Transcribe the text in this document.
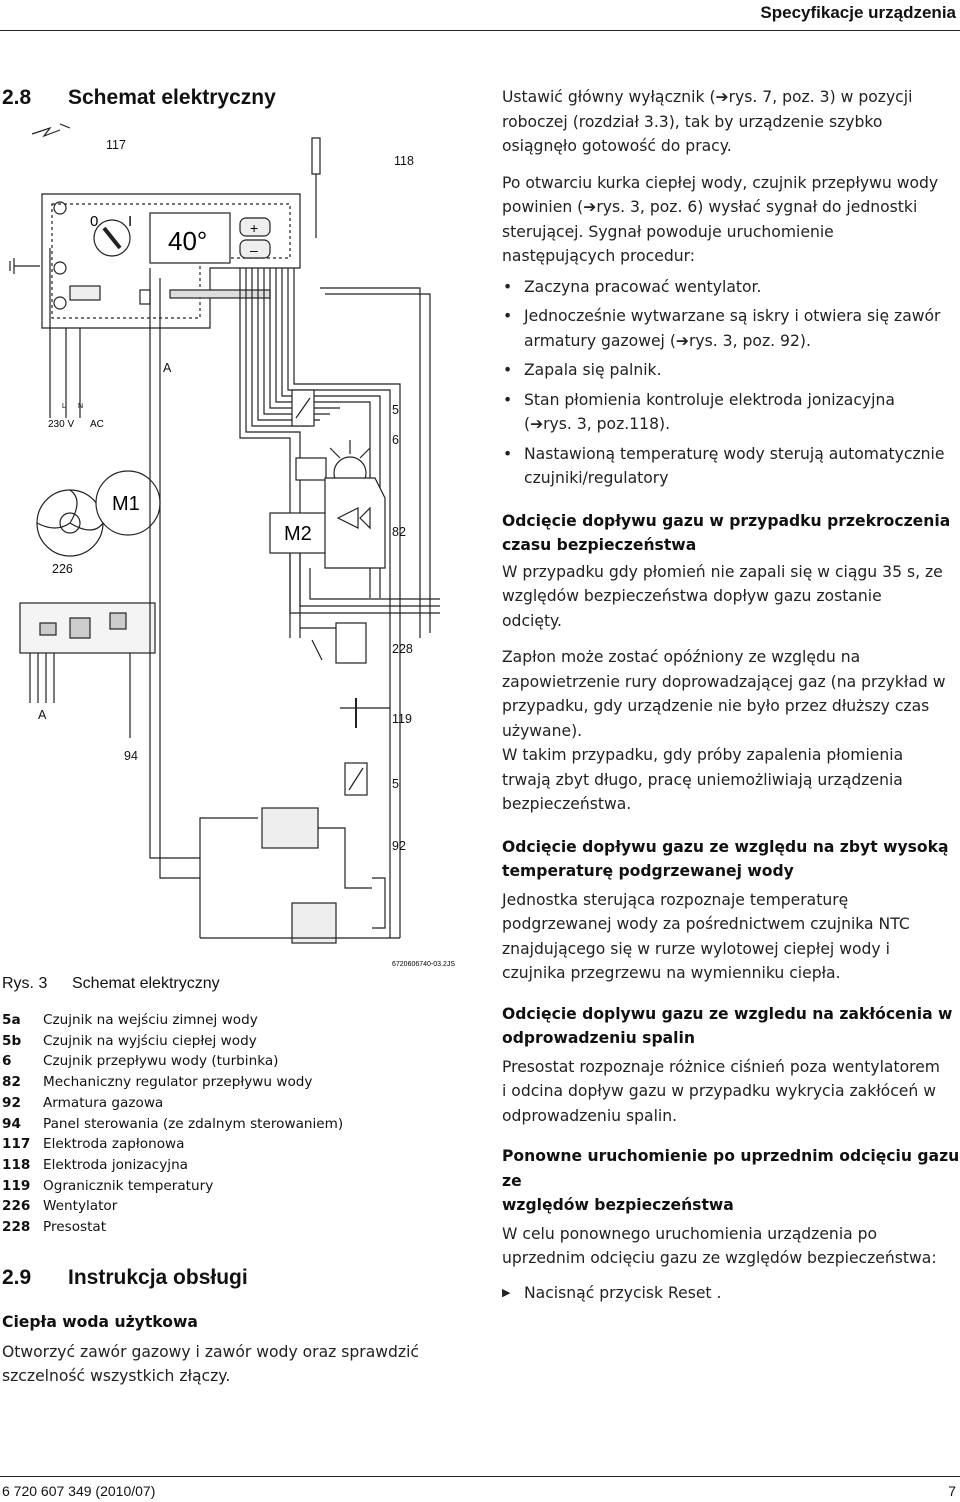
Specyfikacje urządzenia
2.8 Schemat elektryczny
117
118
5
6
82
226
228
119
5
92
94
A
A
M1
M2
40°
0 I	+
–
230 V AC
L N
6720606740-03.2JS
Rys. 3 Schemat elektryczny
5a	Czujnik na wejściu zimnej wody
5b	Czujnik na wyjściu ciepłej wody
6	Czujnik przepływu wody (turbinka)
82	Mechaniczny regulator przepływu wody
92	Armatura gazowa
94	Panel sterowania (ze zdalnym sterowaniem)
117 Elektroda zapłonowa
118 Elektroda jonizacyjna
119 Ogranicznik temperatury
226 Wentylator
228 Presostat
2.9 Instrukcja obsługi
Ciepła woda użytkowa
Otworzyć zawór gazowy i zawór wody oraz sprawdzić
szczelność wszystkich złączy.
Ustawić główny wyłącznik (➔rys. 7, poz. 3) w pozycji
roboczej (rozdział 3.3), tak by urządzenie szybko
osiągnęło gotowość do pracy.
Po otwarciu kurka ciepłej wody, czujnik przepływu wody
powinien (➔rys. 3, poz. 6) wysłać sygnał do jednostki
sterującej. Sygnał powoduje uruchomienie
następujących procedur:
• Zaczyna pracować wentylator.
• Jednocześnie wytwarzane są iskry i otwiera się zawór
armatury gazowej (➔rys. 3, poz. 92).
• Zapala się palnik.
• Stan płomienia kontroluje elektroda jonizacyjna
(➔rys. 3, poz.118).
• Nastawioną temperaturę wody sterują automatycznie
czujniki/regulatory
Odcięcie dopływu gazu w przypadku przekroczenia
czasu bezpieczeństwa
W przypadku gdy płomień nie zapali się w ciągu 35 s, ze
względów bezpieczeństwa dopływ gazu zostanie
odcięty.
Zapłon może zostać opóźniony ze względu na
zapowietrzenie rury doprowadzającej gaz (na przykład w
przypadku, gdy urządzenie nie było przez dłuższy czas
używane).
W takim przypadku, gdy próby zapalenia płomienia
trwają zbyt długo, pracę uniemożliwiają urządzenia
bezpieczeństwa.
Odcięcie dopływu gazu ze względu na zbyt wysoką
temperaturę podgrzewanej wody
Jednostka sterująca rozpoznaje temperaturę
podgrzewanej wody za pośrednictwem czujnika NTC
znajdującego się w rurze wylotowej ciepłej wody i
czujnika przegrzewu na wymienniku ciepła.
Odcięcie doplywu gazu ze wzgledu na zakłócenia w
odprowadzeniu spalin
Presostat rozpoznaje różnice ciśnień poza wentylatorem
i odcina dopływ gazu w przypadku wykrycia zakłóceń w
odprowadzeniu spalin.
Ponowne uruchomienie po uprzednim odcięciu gazu ze
względów bezpieczeństwa
W celu ponownego uruchomienia urządzenia po
uprzednim odcięciu gazu ze względów bezpieczeństwa:
▶ Nacisnąć przycisk Reset .
6 720 607 349 (2010/07)	7
